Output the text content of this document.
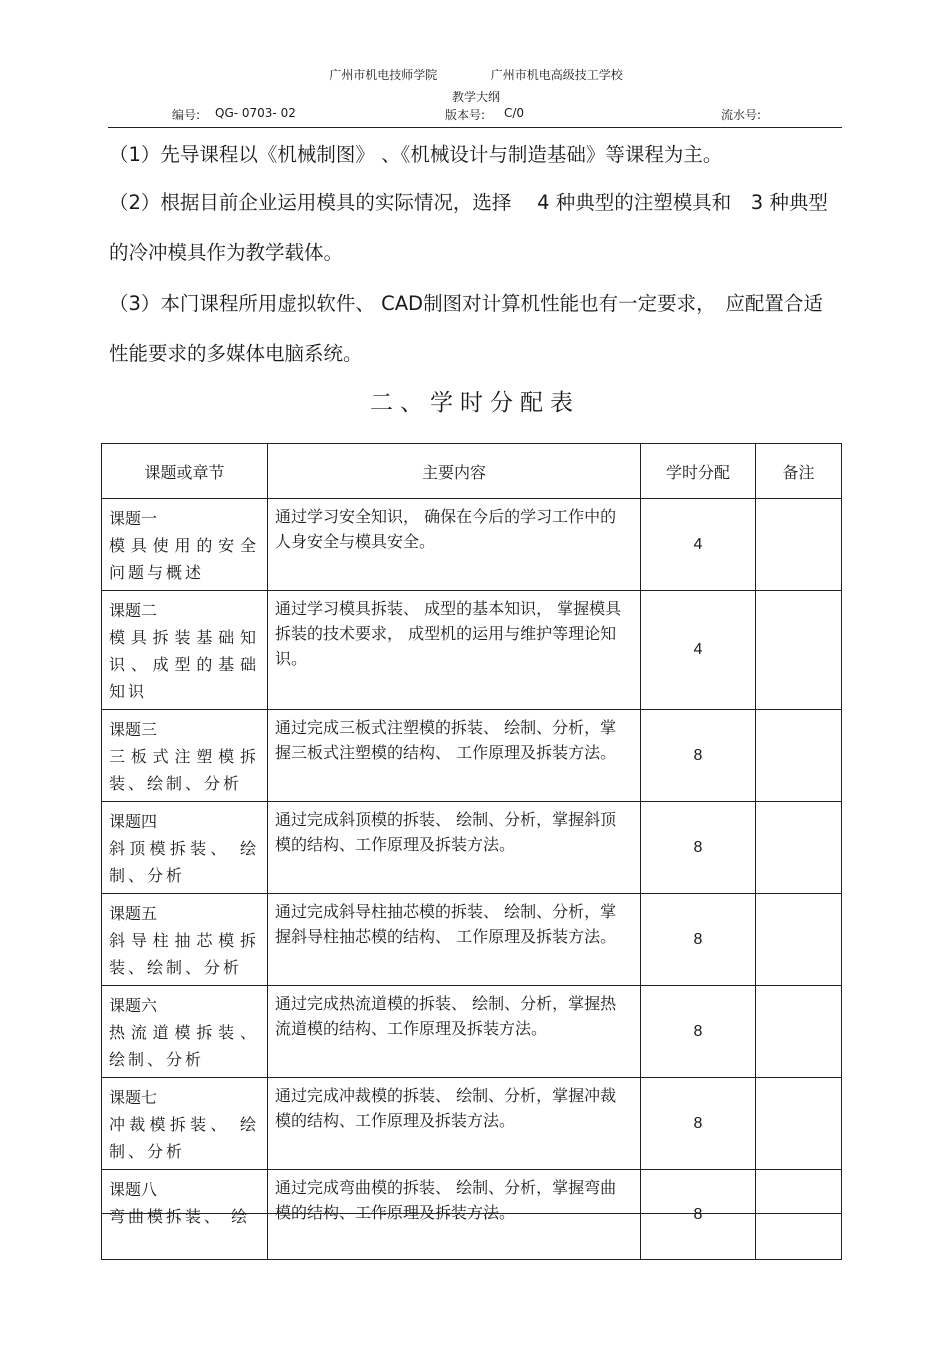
广州市机电技师学院	广州市机电高级技工学校
教学大纲
编号: QG- 0703- 02	版本号: C/0	流水号:
（1）先导课程以《机械制图》 、《机械设计与制造基础》等课程为主。
（2）根据目前企业运用模具的实际情况，选择　 4 种典型的注塑模具和　3 种典型的冷冲模具作为教学载体。
（3）本门课程所用虚拟软件、 CAD制图对计算机性能也有一定要求，　应配置合适性能要求的多媒体电脑系统。
二、学时分配表
课题或章节	主要内容	学时分配	备注

课题一
模具使用的安全问题与概述	通过学习安全知识， 确保在今后的学习工作中的人身安全与模具安全。	4	

课题二
模具拆装基础知识、成型的基础知识	通过学习模具拆装、 成型的基本知识， 掌握模具拆装的技术要求， 成型机的运用与维护等理论知识。	4	

课题三
三板式注塑模拆装、绘制、分析	通过完成三板式注塑模的拆装、 绘制、分析，掌握三板式注塑模的结构、 工作原理及拆装方法。	8	

课题四
斜顶模拆装、 绘制、分析	通过完成斜顶模的拆装、 绘制、分析，掌握斜顶模的结构、工作原理及拆装方法。	8	

课题五
斜导柱抽芯模拆装、绘制、分析	通过完成斜导柱抽芯模的拆装、 绘制、分析，掌握斜导柱抽芯模的结构、 工作原理及拆装方法。	8	

课题六
热流道模拆装、 绘制、分析	通过完成热流道模的拆装、 绘制、分析，掌握热流道模的结构、工作原理及拆装方法。	8	

课题七
冲裁模拆装、 绘制、分析	通过完成冲裁模的拆装、 绘制、分析，掌握冲裁模的结构、工作原理及拆装方法。	8	

课题八
弯曲模拆装、 绘	通过完成弯曲模的拆装、 绘制、分析，掌握弯曲模的结构、工作原理及拆装方法。	8	
